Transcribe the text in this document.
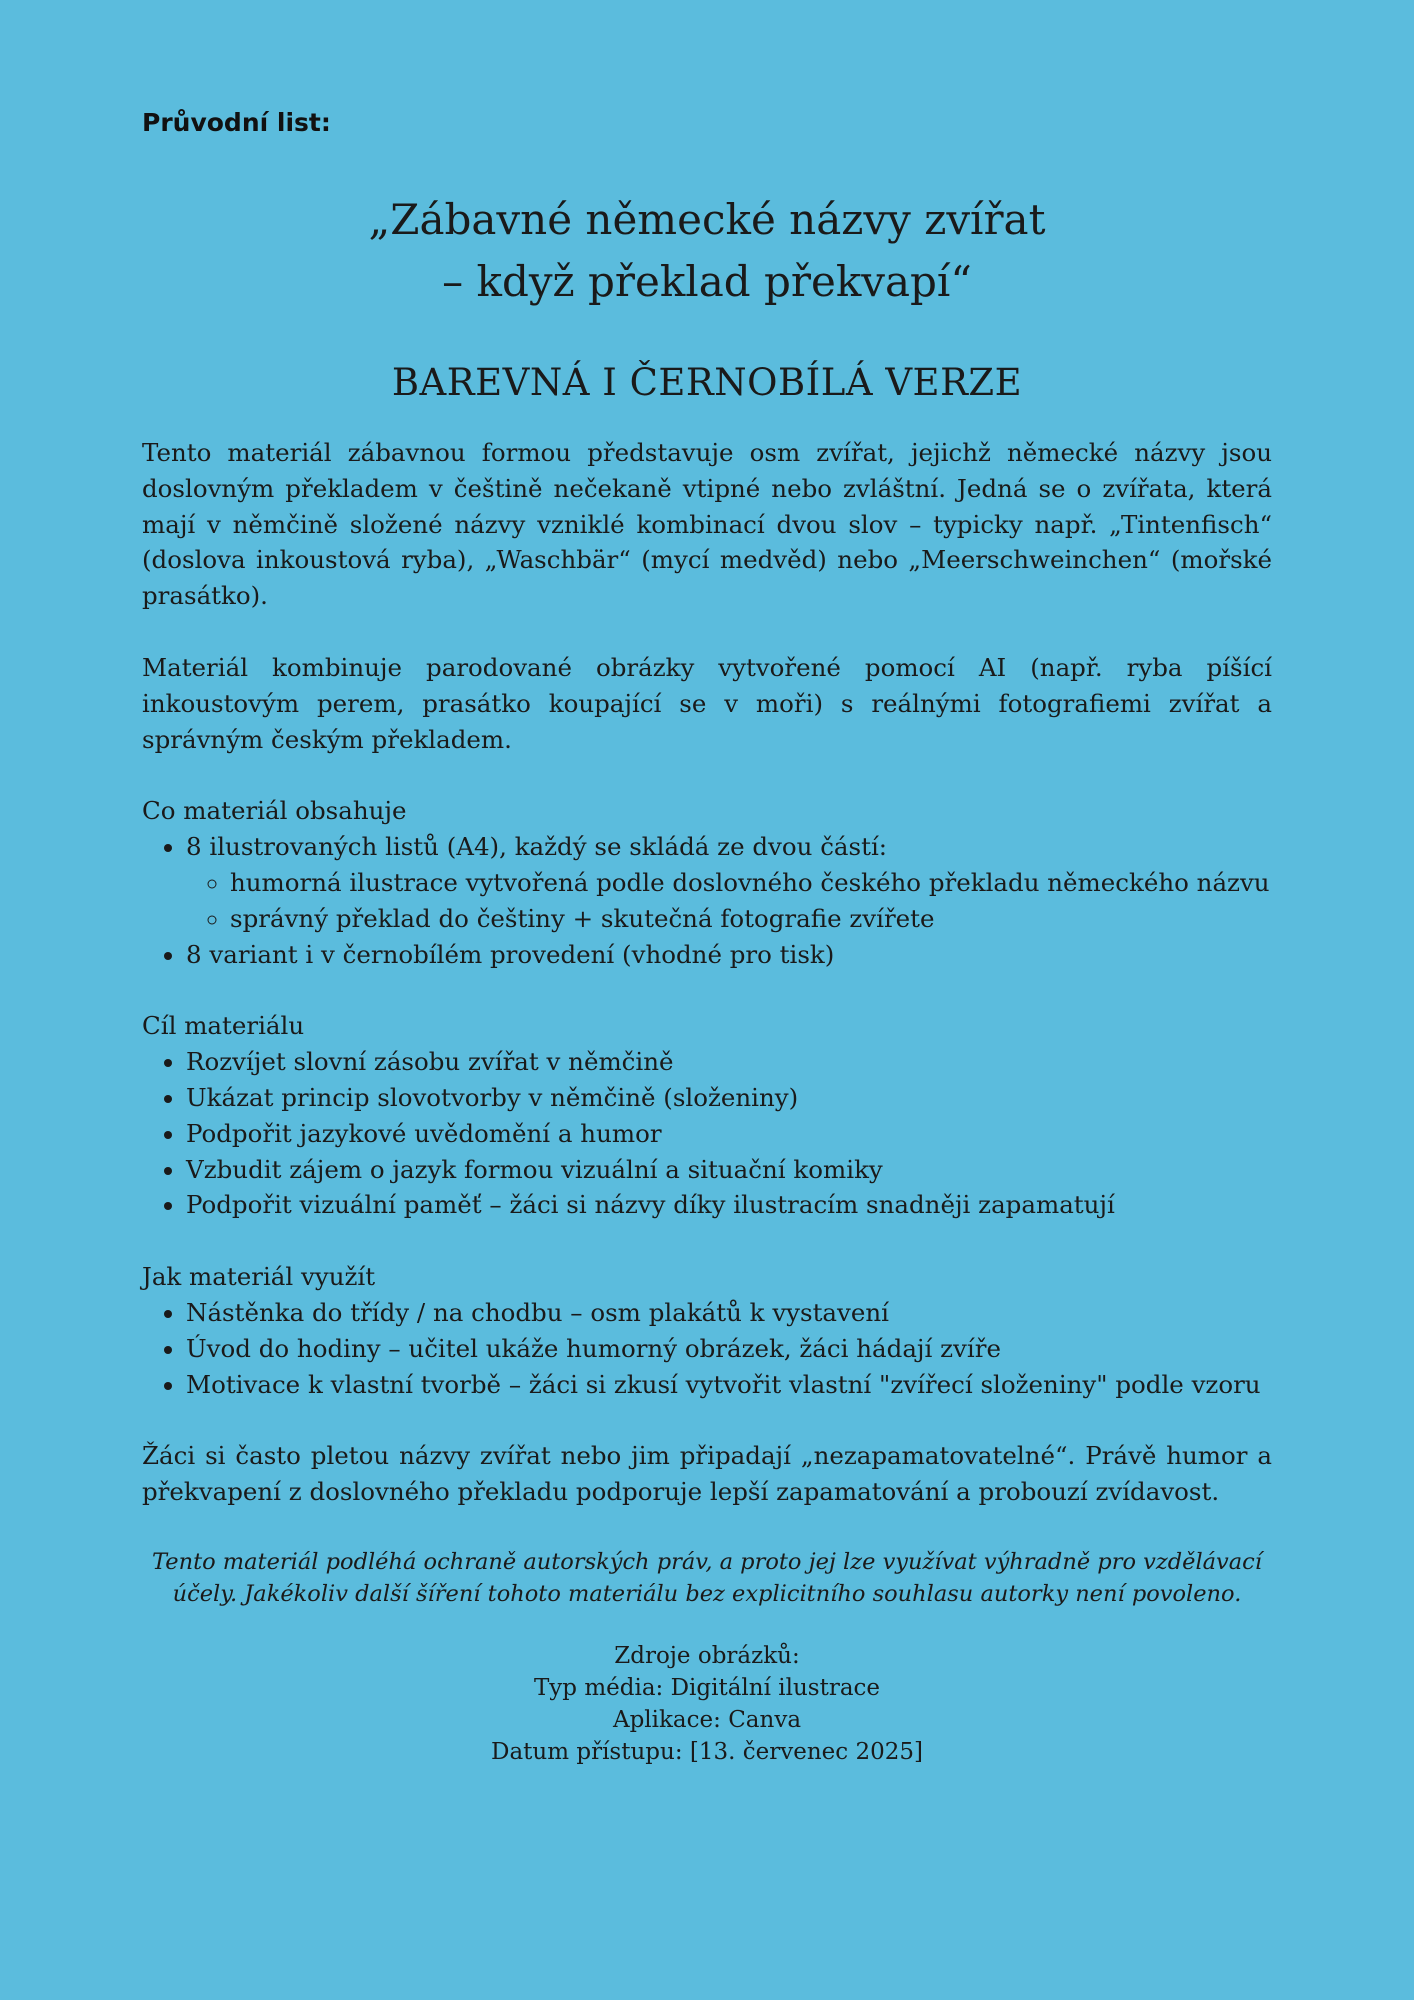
Průvodní list:

„Zábavné německé názvy zvířat
– když překlad překvapí“
BAREVNÁ I ČERNOBÍLÁ VERZE

Tento materiál zábavnou formou představuje osm zvířat, jejichž německé názvy jsou doslovným překladem v češtině nečekaně vtipné nebo zvláštní. Jedná se o zvířata, která mají v němčině složené názvy vzniklé kombinací dvou slov – typicky např. „Tintenfisch“ (doslova inkoustová ryba), „Waschbär“ (mycí medvěd) nebo „Meerschweinchen“ (mořské prasátko).

Materiál kombinuje parodované obrázky vytvořené pomocí AI (např. ryba píšící inkoustovým perem, prasátko koupající se v moři) s reálnými fotografiemi zvířat a správným českým překladem.

Co materiál obsahuje

• 8 ilustrovaných listů (A4), každý se skládá ze dvou částí:
◦ humorná ilustrace vytvořená podle doslovného českého překladu německého názvu
◦ správný překlad do češtiny + skutečná fotografie zvířete
• 8 variant i v černobílém provedení (vhodné pro tisk)

Cíl materiálu

• Rozvíjet slovní zásobu zvířat v němčině
• Ukázat princip slovotvorby v němčině (složeniny)
• Podpořit jazykové uvědomění a humor
• Vzbudit zájem o jazyk formou vizuální a situační komiky
• Podpořit vizuální paměť – žáci si názvy díky ilustracím snadněji zapamatují

Jak materiál využít

• Nástěnka do třídy / na chodbu – osm plakátů k vystavení
• Úvod do hodiny – učitel ukáže humorný obrázek, žáci hádají zvíře
• Motivace k vlastní tvorbě – žáci si zkusí vytvořit vlastní "zvířecí složeniny" podle vzoru

Žáci si často pletou názvy zvířat nebo jim připadají „nezapamatovatelné“. Právě humor a překvapení z doslovného překladu podporuje lepší zapamatování a probouzí zvídavost.

Tento materiál podléhá ochraně autorských práv, a proto jej lze využívat výhradně pro vzdělávací účely. Jakékoliv další šíření tohoto materiálu bez explicitního souhlasu autorky není povoleno.

Zdroje obrázků:
Typ média: Digitální ilustrace
Aplikace: Canva
Datum přístupu: [13. červenec 2025]
